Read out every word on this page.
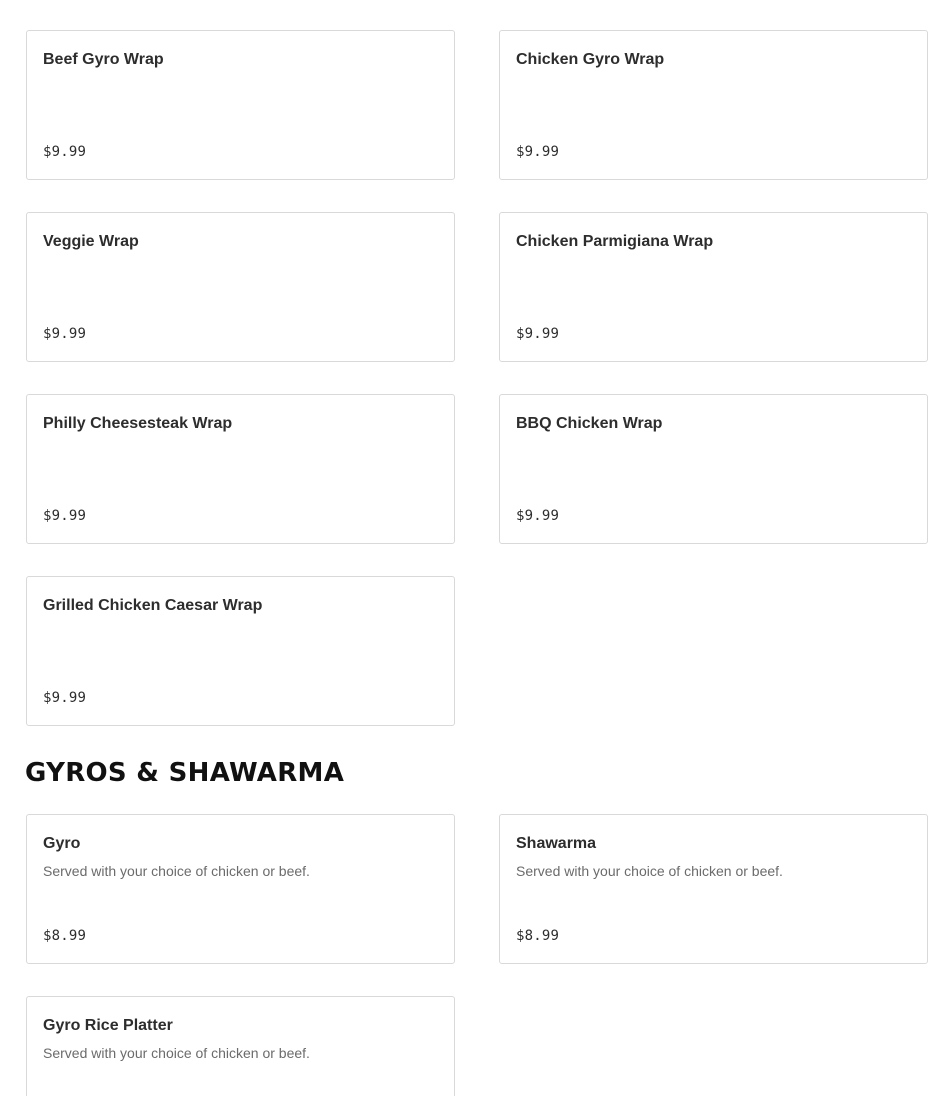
Beef Gyro Wrap
$9.99
Chicken Gyro Wrap
$9.99
Veggie Wrap
$9.99
Chicken Parmigiana Wrap
$9.99
Philly Cheesesteak Wrap
$9.99
BBQ Chicken Wrap
$9.99
Grilled Chicken Caesar Wrap
$9.99
GYROS & SHAWARMA
Gyro
Served with your choice of chicken or beef.
$8.99
Shawarma
Served with your choice of chicken or beef.
$8.99
Gyro Rice Platter
Served with your choice of chicken or beef.
